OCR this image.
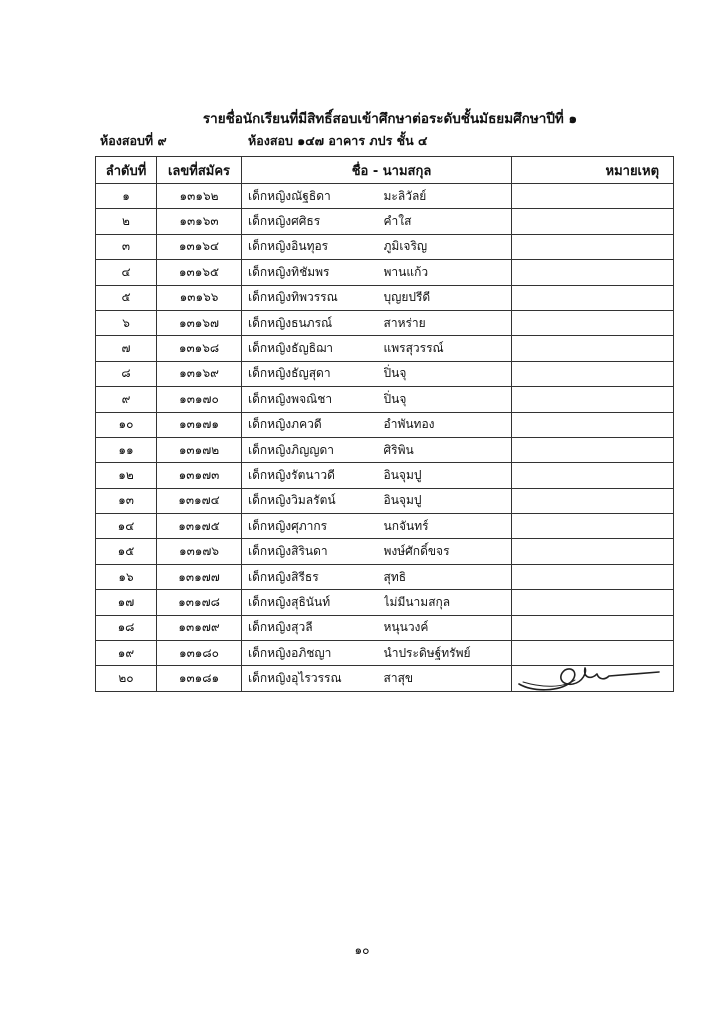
รายชื่อนักเรียนที่มีสิทธิ์สอบเข้าศึกษาต่อระดับชั้นมัธยมศึกษาปีที่ ๑
ห้องสอบที่ ๙	ห้องสอบ ๑๔๗ อาคาร ภปร ชั้น ๔
ลำดับที่	เลขที่สมัคร	ชื่อ - นามสกุล		หมายเหตุ
๑	๑๓๑๖๒	เด็กหญิงณัฐธิดา	มะลิวัลย์	
๒	๑๓๑๖๓	เด็กหญิงศศิธร	คำใส	
๓	๑๓๑๖๔	เด็กหญิงอินทุอร	ภูมิเจริญ	
๔	๑๓๑๖๕	เด็กหญิงทิชัมพร	พานแก้ว	
๕	๑๓๑๖๖	เด็กหญิงทิพวรรณ	บุญยปรีดี	
๖	๑๓๑๖๗	เด็กหญิงธนภรณ์	สาหร่าย	
๗	๑๓๑๖๘	เด็กหญิงธัญธิฌา	แพรสุวรรณ์	
๘	๑๓๑๖๙	เด็กหญิงธัญสุดา	ปิ่นจุ	
๙	๑๓๑๗๐	เด็กหญิงพจณิชา	ปิ่นจุ	
๑๐	๑๓๑๗๑	เด็กหญิงภควดี	อำพันทอง	
๑๑	๑๓๑๗๒	เด็กหญิงภิญญดา	ศิริพิน	
๑๒	๑๓๑๗๓	เด็กหญิงรัตนาวดี	อินจุมปู	
๑๓	๑๓๑๗๔	เด็กหญิงวิมลรัตน์	อินจุมปู	
๑๔	๑๓๑๗๕	เด็กหญิงศุภากร	นกจันทร์	
๑๕	๑๓๑๗๖	เด็กหญิงสิรินดา	พงษ์ศักดิ์ขจร	
๑๖	๑๓๑๗๗	เด็กหญิงสิรีธร	สุทธิ	
๑๗	๑๓๑๗๘	เด็กหญิงสุธินันท์	ไม่มีนามสกุล	
๑๘	๑๓๑๗๙	เด็กหญิงสุวลี	หนุนวงค์	
๑๙	๑๓๑๘๐	เด็กหญิงอภิชญา	นำประดิษฐ์ทรัพย์	
๒๐	๑๓๑๘๑	เด็กหญิงอุไรวรรณ	สาสุข	
๑๐
